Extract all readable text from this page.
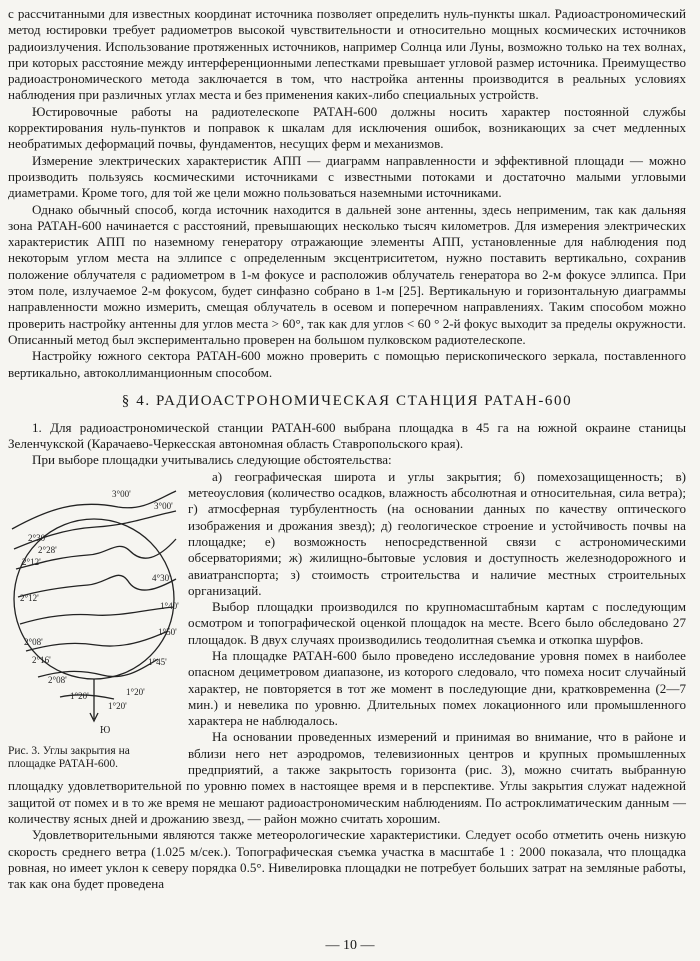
с рассчитанными для известных координат источника позволяет определить нуль-пункты шкал. Радиоастрономический метод юстировки требует радиометров высокой чувствительности и относительно мощных космических источников радиоизлучения. Использование протяженных источников, например Солнца или Луны, возможно только на тех волнах, при которых расстояние между интерференционными лепестками превышает угловой размер источника. Преимущество радиоастрономического метода заключается в том, что настройка антенны производится в реальных условиях наблюдения при различных углах места и без применения каких-либо специальных устройств.

Юстировочные работы на радиотелескопе РАТАН-600 должны носить характер постоянной службы корректирования нуль-пунктов и поправок к шкалам для исключения ошибок, возникающих за счет медленных необратимых деформаций почвы, фундаментов, несущих ферм и механизмов.

Измерение электрических характеристик АПП — диаграмм направленности и эффективной площади — можно производить пользуясь космическими источниками с известными потоками и достаточно малыми угловыми диаметрами. Кроме того, для той же цели можно пользоваться наземными источниками.

Однако обычный способ, когда источник находится в дальней зоне антенны, здесь неприменим, так как дальняя зона РАТАН-600 начинается с расстояний, превышающих несколько тысяч километров. Для измерения электрических характеристик АПП по наземному генератору отражающие элементы АПП, установленные для наблюдения под некоторым углом места на эллипсе с определенным эксцентриситетом, нужно поставить вертикально, сохранив положение облучателя с радиометром в 1-м фокусе и расположив облучатель генератора во 2-м фокусе эллипса. При этом поле, излучаемое 2-м фокусом, будет синфазно собрано в 1-м [25]. Вертикальную и горизонтальную диаграммы направленности можно измерить, смещая облучатель в осевом и поперечном направлениях. Таким способом можно проверить настройку антенны для углов места > 60°, так как для углов < 60 ° 2-й фокус выходит за пределы окружности. Описанный метод был экспериментально проверен на большом пулковском радиотелескопе.

Настройку южного сектора РАТАН-600 можно проверить с помощью перископического зеркала, поставленного вертикально, автоколлиманционным способом.

§ 4. РАДИОАСТРОНОМИЧЕСКАЯ СТАНЦИЯ РАТАН-600

1. Для радиоастрономической станции РАТАН-600 выбрана площадка в 45 га на южной окраине станицы Зеленчукской (Карачаево-Черкесская автономная область Ставропольского края).

При выборе площадки учитывались следующие обстоятельства:

2°30'
3°00'
3°00'
2°12'
2°28'
2°12'
4°30'
2°08'
2°16'
2°08'
1°20'	1°20'
1°45'
1°50'
1°40'
1°20'
Ю
Рис. 3. Углы закрытия на площадке РАТАН-600.

а) географическая широта и углы закрытия; б) помехозащищенность; в) метеоусловия (количество осадков, влажность абсолютная и относительная, сила ветра); г) атмосферная турбулентность (на основании данных по качеству оптического изображения и дрожания звезд); д) геологическое строение и устойчивость почвы на площадке; е) возможность непосредственной связи с астрономическими обсерваториями; ж) жилищно-бытовые условия и доступность железнодорожного и авиатранспорта; з) стоимость строительства и наличие местных строительных организаций.

Выбор площадки производился по крупномасштабным картам с последующим осмотром и топографической оценкой площадок на месте. Всего было обследовано 27 площадок. В двух случаях производились теодолитная съемка и откопка шурфов.

На площадке РАТАН-600 было проведено исследование уровня помех в наиболее опасном дециметровом диапазоне, из которого следовало, что помеха носит случайный характер, не повторяется в тот же момент в последующие дни, кратковременна (2—7 мин.) и невелика по уровню. Длительных помех локационного или промышленного характера не наблюдалось.

На основании проведенных измерений и принимая во внимание, что в районе и вблизи него нет аэродромов, телевизионных центров и крупных промышленных предприятий, а также закрытость горизонта (рис. 3), можно считать выбранную площадку удовлетворительной по уровню помех в настоящее время и в перспективе. Углы закрытия служат надежной защитой от помех и в то же время не мешают радиоастрономическим наблюдениям. По астроклиматическим данным — количеству ясных дней и дрожанию звезд, — район можно считать хорошим.

Удовлетворительными являются также метеорологические характеристики. Следует особо отметить очень низкую скорость среднего ветра (1.025 м/сек.). Топографическая съемка участка в масштабе 1 : 2000 показала, что площадка ровная, но имеет уклон к северу порядка 0.5°. Нивелировка площадки не потребует больших затрат на земляные работы, так как она будет проведена

— 10 —
